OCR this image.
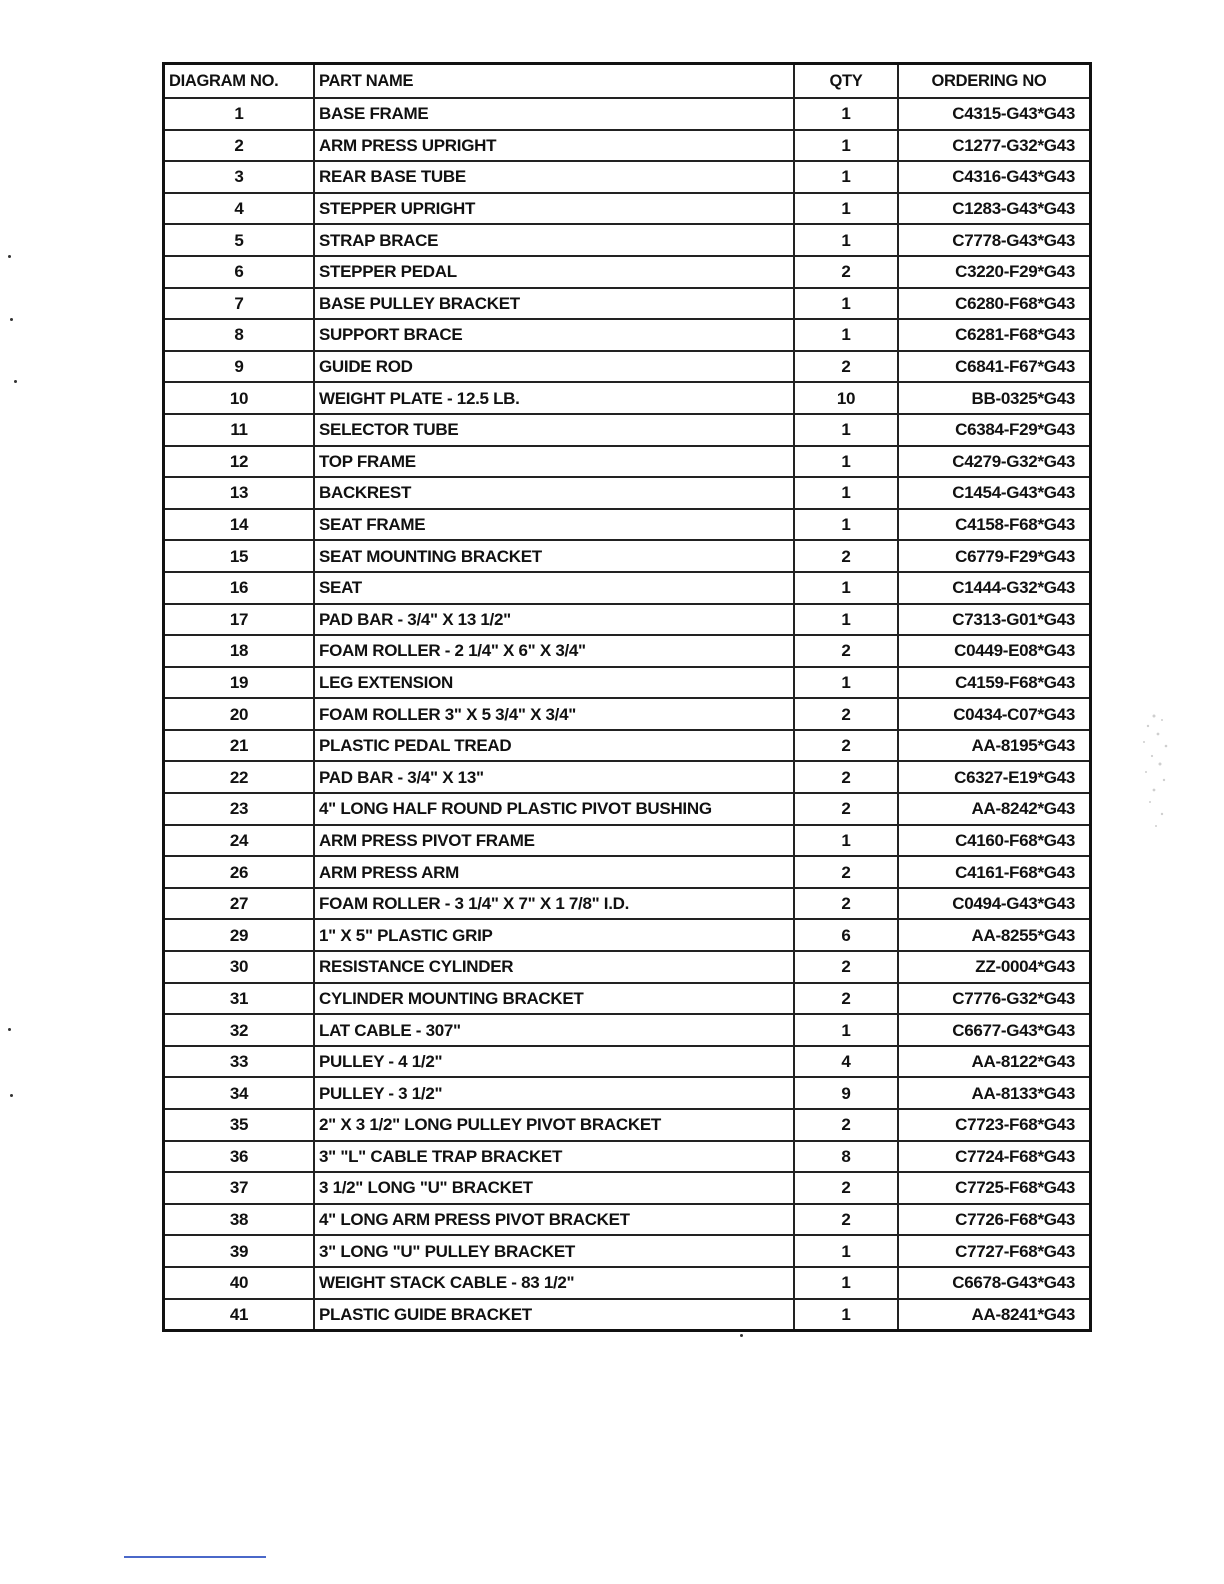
DIAGRAM NO.	PART NAME	QTY	ORDERING NO
1	BASE FRAME	1	C4315-G43*G43
2	ARM PRESS UPRIGHT	1	C1277-G32*G43
3	REAR BASE TUBE	1	C4316-G43*G43
4	STEPPER UPRIGHT	1	C1283-G43*G43
5	STRAP BRACE	1	C7778-G43*G43
6	STEPPER PEDAL	2	C3220-F29*G43
7	BASE PULLEY BRACKET	1	C6280-F68*G43
8	SUPPORT BRACE	1	C6281-F68*G43
9	GUIDE ROD	2	C6841-F67*G43
10	WEIGHT PLATE - 12.5 LB.	10	BB-0325*G43
11	SELECTOR TUBE	1	C6384-F29*G43
12	TOP FRAME	1	C4279-G32*G43
13	BACKREST	1	C1454-G43*G43
14	SEAT FRAME	1	C4158-F68*G43
15	SEAT MOUNTING BRACKET	2	C6779-F29*G43
16	SEAT	1	C1444-G32*G43
17	PAD BAR - 3/4" X 13 1/2"	1	C7313-G01*G43
18	FOAM ROLLER - 2 1/4" X 6" X 3/4"	2	C0449-E08*G43
19	LEG EXTENSION	1	C4159-F68*G43
20	FOAM ROLLER 3" X 5 3/4" X 3/4"	2	C0434-C07*G43
21	PLASTIC PEDAL TREAD	2	AA-8195*G43
22	PAD BAR - 3/4" X 13"	2	C6327-E19*G43
23	4" LONG HALF ROUND PLASTIC PIVOT BUSHING	2	AA-8242*G43
24	ARM PRESS PIVOT FRAME	1	C4160-F68*G43
26	ARM PRESS ARM	2	C4161-F68*G43
27	FOAM ROLLER - 3 1/4" X 7" X 1 7/8" I.D.	2	C0494-G43*G43
29	1" X 5" PLASTIC GRIP	6	AA-8255*G43
30	RESISTANCE CYLINDER	2	ZZ-0004*G43
31	CYLINDER MOUNTING BRACKET	2	C7776-G32*G43
32	LAT CABLE - 307"	1	C6677-G43*G43
33	PULLEY - 4 1/2"	4	AA-8122*G43
34	PULLEY - 3 1/2"	9	AA-8133*G43
35	2" X 3 1/2" LONG PULLEY PIVOT BRACKET	2	C7723-F68*G43
36	3" "L" CABLE TRAP BRACKET	8	C7724-F68*G43
37	3 1/2" LONG "U" BRACKET	2	C7725-F68*G43
38	4" LONG ARM PRESS PIVOT BRACKET	2	C7726-F68*G43
39	3" LONG "U" PULLEY BRACKET	1	C7727-F68*G43
40	WEIGHT STACK CABLE - 83 1/2"	1	C6678-G43*G43
41	PLASTIC GUIDE BRACKET	1	AA-8241*G43
